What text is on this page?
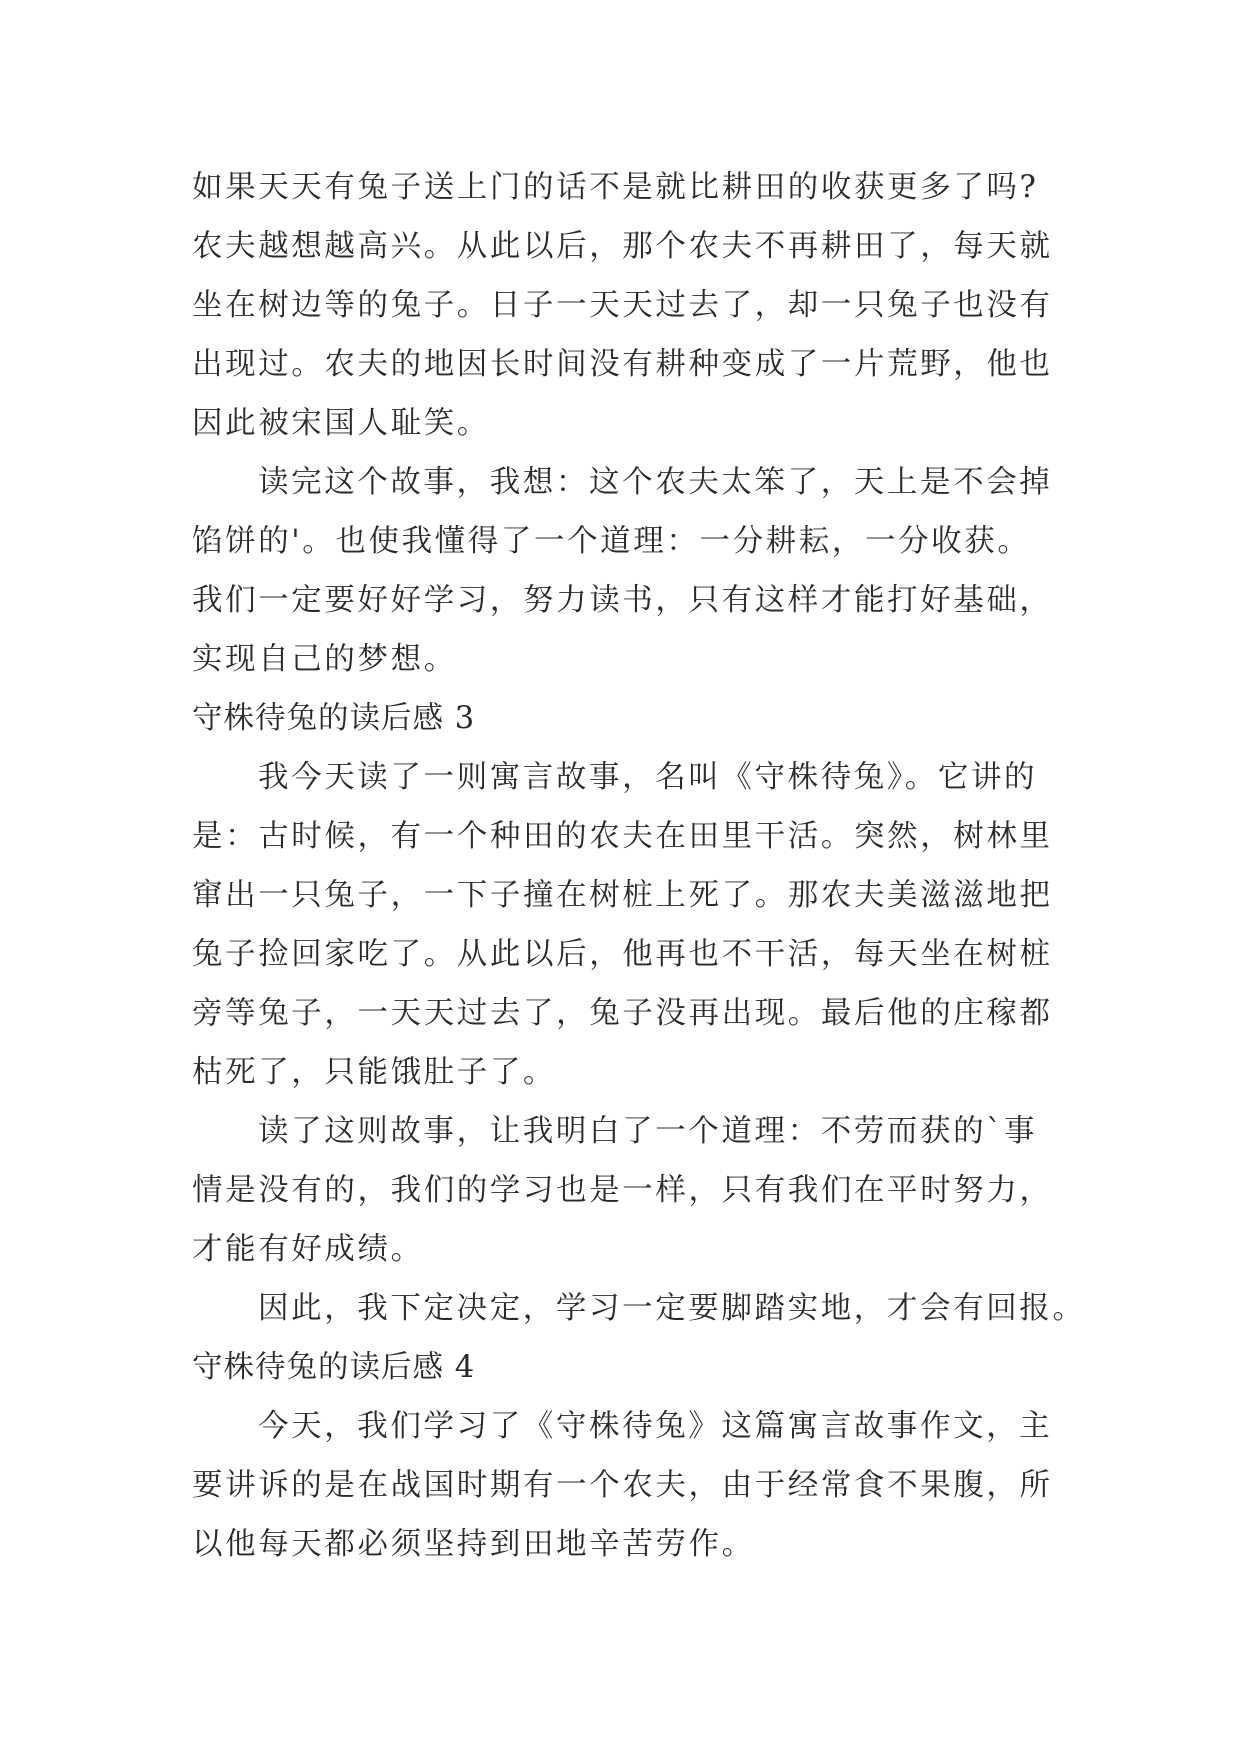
如果天天有兔子送上门的话不是就比耕田的收获更多了吗?
农夫越想越高兴。从此以后，那个农夫不再耕田了，每天就
坐在树边等的兔子。日子一天天过去了，却一只兔子也没有
出现过。农夫的地因长时间没有耕种变成了一片荒野，他也
因此被宋国人耻笑。
读完这个故事，我想：这个农夫太笨了，天上是不会掉
馅饼的'。也使我懂得了一个道理：一分耕耘，一分收获。
我们一定要好好学习，努力读书，只有这样才能打好基础，
实现自己的梦想。
守株待兔的读后感 3
我今天读了一则寓言故事，名叫《守株待兔》。它讲的
是：古时候，有一个种田的农夫在田里干活。突然，树林里
窜出一只兔子，一下子撞在树桩上死了。那农夫美滋滋地把
兔子捡回家吃了。从此以后，他再也不干活，每天坐在树桩
旁等兔子，一天天过去了，兔子没再出现。最后他的庄稼都
枯死了，只能饿肚子了。
读了这则故事，让我明白了一个道理：不劳而获的`事
情是没有的，我们的学习也是一样，只有我们在平时努力，
才能有好成绩。
因此，我下定决定，学习一定要脚踏实地，才会有回报。
守株待兔的读后感 4
今天，我们学习了《守株待兔》这篇寓言故事作文，主
要讲诉的是在战国时期有一个农夫，由于经常食不果腹，所
以他每天都必须坚持到田地辛苦劳作。
